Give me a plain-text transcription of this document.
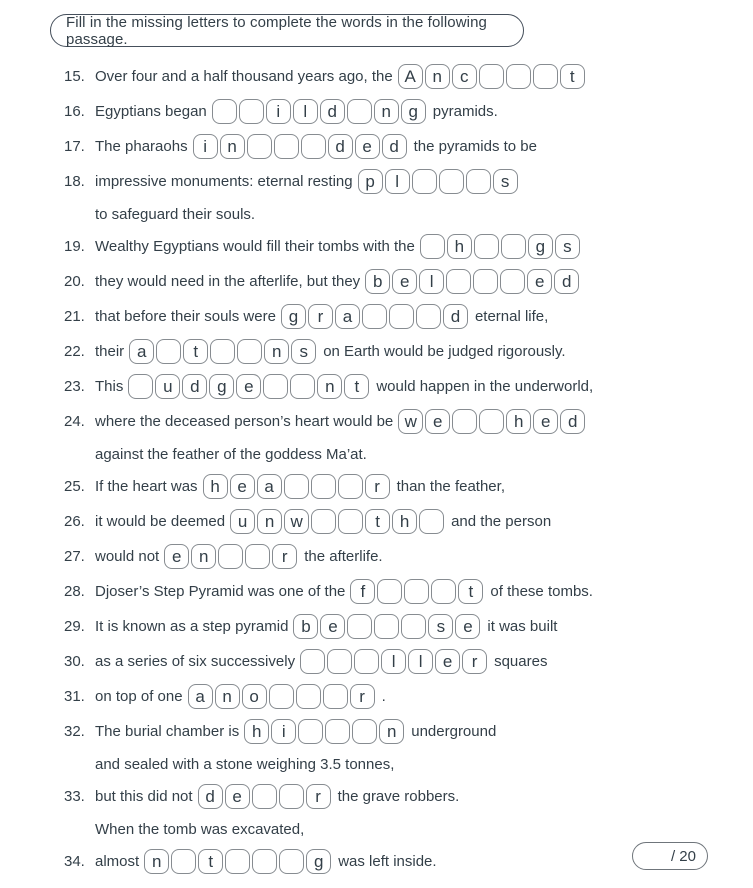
Fill in the missing letters to complete the words in the following passage.
15. Over four and a half thousand years ago, the A n	c	t
16. Egyptians began	i	l	d	n	g pyramids.
17. The pharaohs i	n	d	e	d the pyramids to be
18. impressive monuments: eternal resting p	l	s
to safeguard their souls.
19. Wealthy Egyptians would fill their tombs with the	h	g	s
20. they would need in the afterlife, but they b	e	l	e	d
21. that before their souls were g	r	a	d eternal life,
22. their a	t	n	s	on Earth would be judged rigorously.
23. This	u	d	g	e	n	t	would happen in the underworld,
24. where the deceased person’s heart would be w e	h	e	d
against the feather of the goddess Ma’at.
25. If the heart was h	e	a	r	than the feather,
26. it would be deemed u	n w	t	h	and the person
27. would not e	n	r	the afterlife.
28. Djoser’s Step Pyramid was one of the f	t	of these tombs.
29. It is known as a step pyramid b	e	s	e it was built
30. as a series of six successively	l	l	e	r	squares
31. on top of one a	n	o	r	.
32. The burial chamber is h	i	n underground
and sealed with a stone weighing 3.5 tonnes,
33. but this did not d	e	r	the grave robbers.
When the tomb was excavated,
34. almost n	t	g was left inside.	/ 20
